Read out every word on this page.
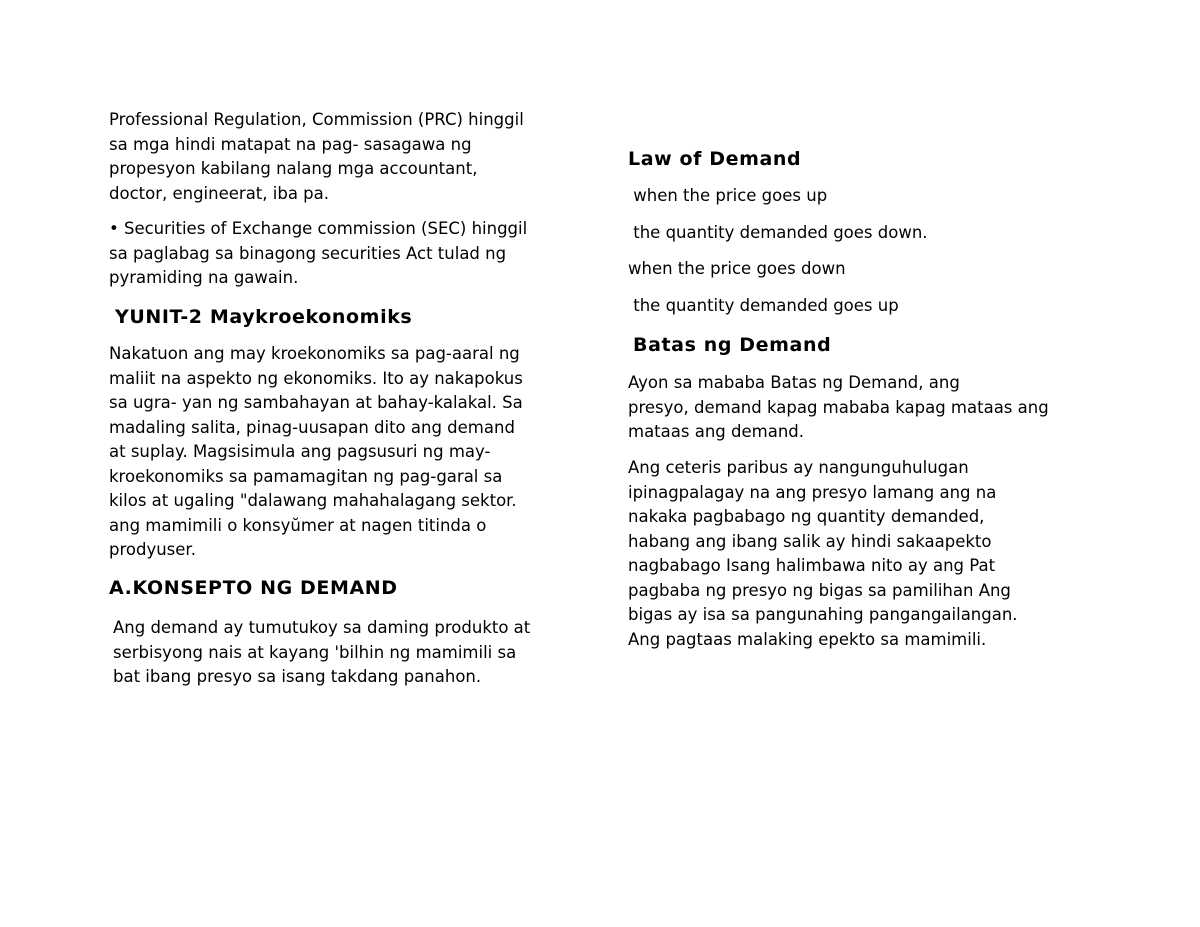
Professional Regulation, Commission (PRC) hinggil
sa mga hindi matapat na pag- sasagawa ng
propesyon kabilang nalang mga accountant,
doctor, engineerat, iba pa.

• Securities of Exchange commission (SEC) hinggil
sa paglabag sa binagong securities Act tulad ng
pyramiding na gawain.

YUNIT-2 Maykroekonomiks

Nakatuon ang may kroekonomiks sa pag-aaral ng
maliit na aspekto ng ekonomiks. Ito ay nakapokus
sa ugra- yan ng sambahayan at bahay-kalakal. Sa
madaling salita, pinag-uusapan dito ang demand
at suplay. Magsisimula ang pagsusuri ng may-
kroekonomiks sa pamamagitan ng pag-garal sa
kilos at ugaling "dalawang mahahalagang sektor.
ang mamimili o konsyŭmer at nagen titinda o
prodyuser.

A.KONSEPTO NG DEMAND

Ang demand ay tumutukoy sa daming produkto at
serbisyong nais at kayang 'bilhin ng mamimili sa
bat ibang presyo sa isang takdang panahon.

Law of Demand

when the price goes up

the quantity demanded goes down.

when the price goes down

the quantity demanded goes up

Batas ng Demand

Ayon sa mababa Batas ng Demand, ang
presyo, demand kapag mababa kapag mataas ang
mataas ang demand.

Ang ceteris paribus ay nangunguhulugan
ipinagpalagay na ang presyo lamang ang na
nakaka pagbabago ng quantity demanded,
habang ang ibang salik ay hindi sakaapekto
nagbabago Isang halimbawa nito ay ang Pat
pagbaba ng presyo ng bigas sa pamilihan Ang
bigas ay isa sa pangunahing pangangailangan.
Ang pagtaas malaking epekto sa mamimili.
